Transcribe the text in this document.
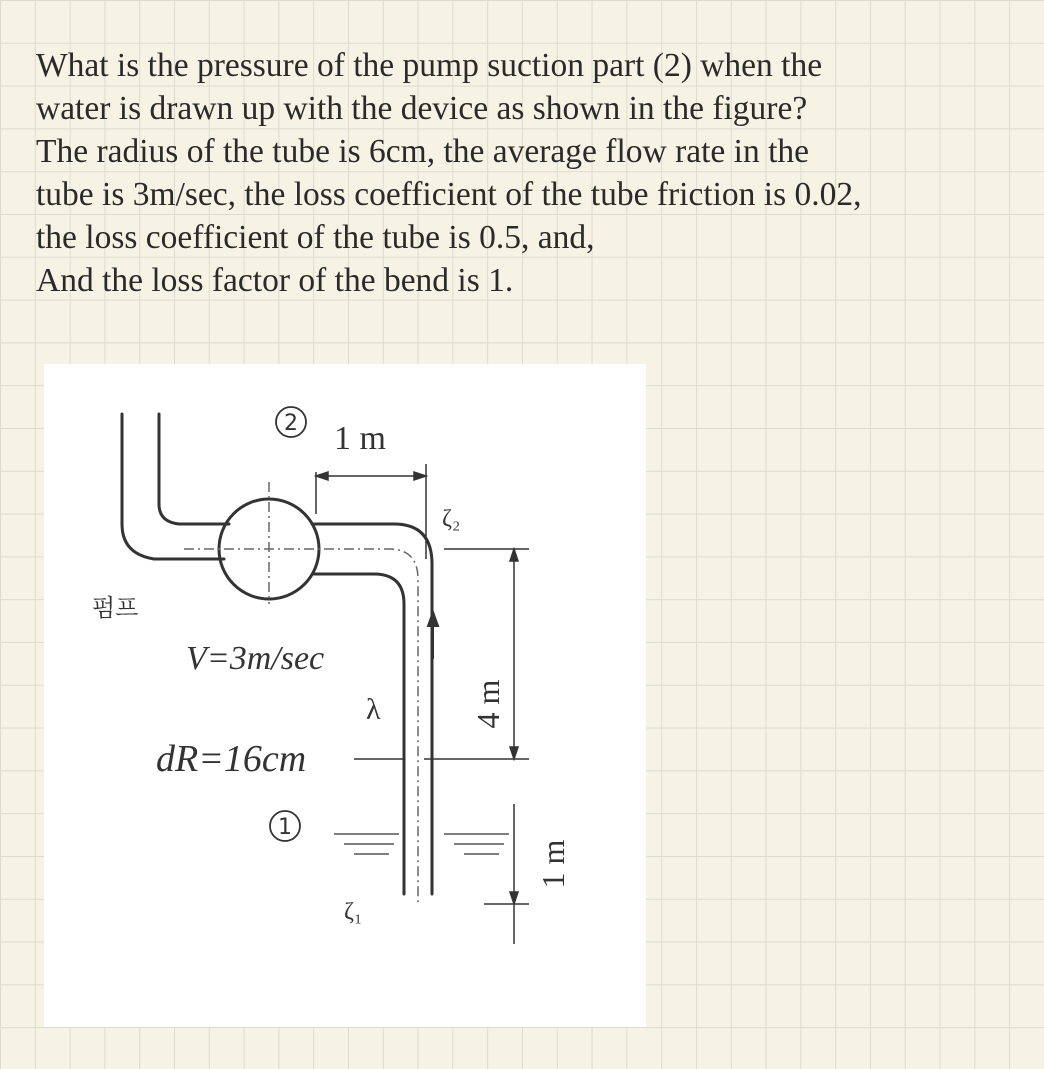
What is the pressure of the pump suction part (2) when the
water is drawn up with the device as shown in the figure?
The radius of the tube is 6cm, the average flow rate in the
tube is 3m/sec, the loss coefficient of the tube friction is 0.02,
the loss coefficient of the tube is 0.5, and,
And the loss factor of the bend is 1.
2 1 m
ζ₂
펌프
V=3m/sec
λ
dR=16cm
1
ζ₁
4 m
1 m
